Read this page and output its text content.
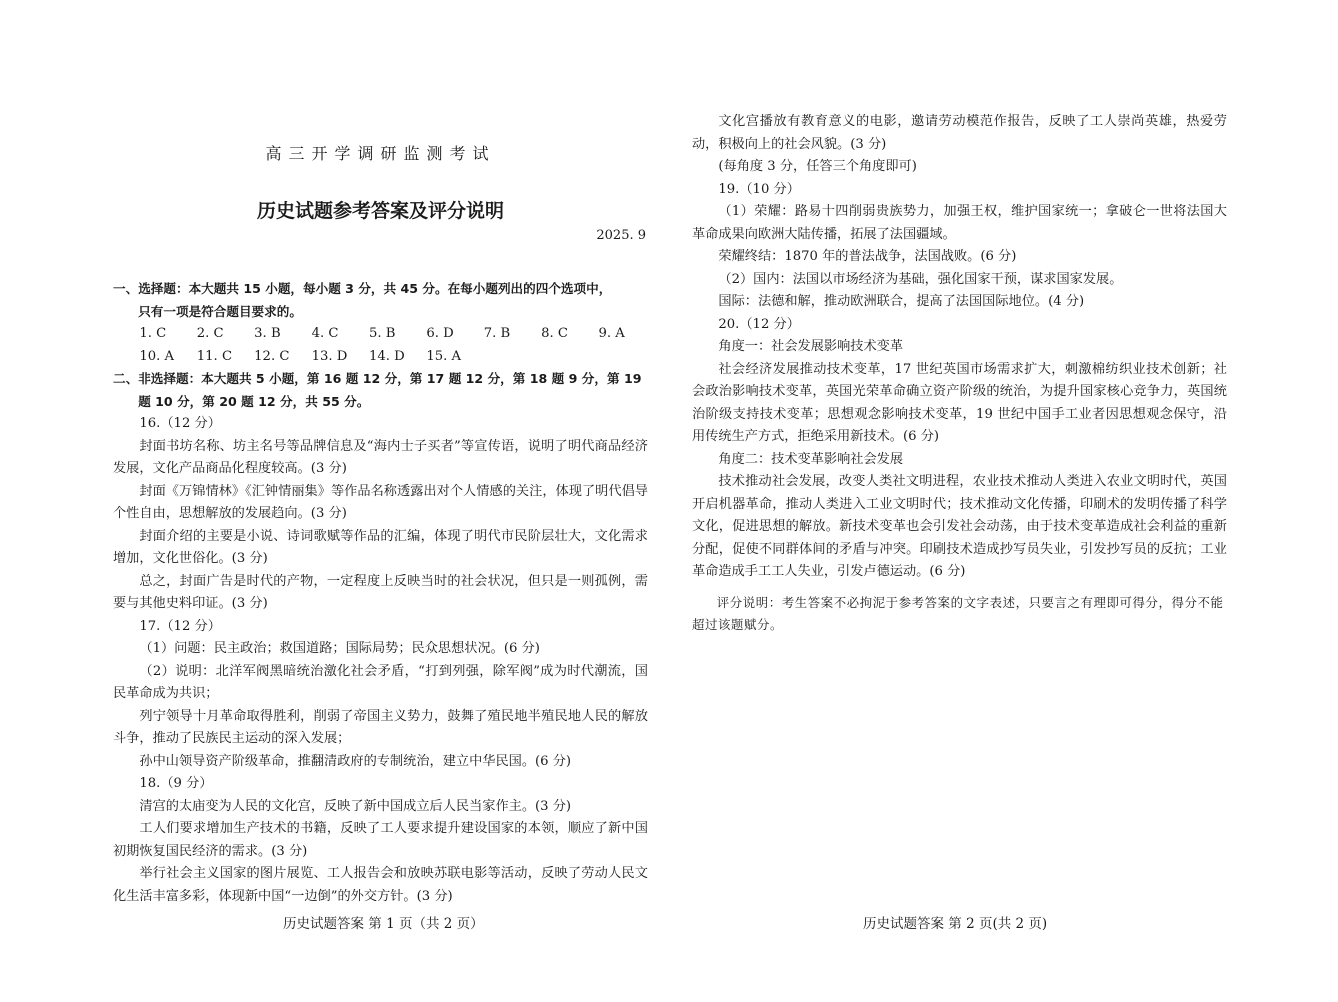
高三开学调研监测考试
历史试题参考答案及评分说明
2025. 9
一、选择题：本大题共 15 小题，每小题 3 分，共 45 分。在每小题列出的四个选项中，
只有一项是符合题目要求的。
1. C 2. C 3. B 4. C 5. B 6. D 7. B 8. C 9. A
10. A 11. C 12. C 13. D 14. D 15. A
二、非选择题：本大题共 5 小题，第 16 题 12 分，第 17 题 12 分，第 18 题 9 分，第 19
题 10 分，第 20 题 12 分，共 55 分。
16.（12 分）
封面书坊名称、坊主名号等品牌信息及“海内士子买者”等宣传语，说明了明代商品经济发展，文化产品商品化程度较高。(3 分)
封面《万锦情林》《汇钟情丽集》等作品名称透露出对个人情感的关注，体现了明代倡导个性自由，思想解放的发展趋向。(3 分)
封面介绍的主要是小说、诗词歌赋等作品的汇编，体现了明代市民阶层壮大，文化需求增加，文化世俗化。(3 分)
总之，封面广告是时代的产物，一定程度上反映当时的社会状况，但只是一则孤例，需要与其他史料印证。(3 分)
17.（12 分）
（1）问题：民主政治；救国道路；国际局势；民众思想状况。(6 分)
（2）说明：北洋军阀黑暗统治激化社会矛盾，“打到列强，除军阀”成为时代潮流，国民革命成为共识；
列宁领导十月革命取得胜利，削弱了帝国主义势力，鼓舞了殖民地半殖民地人民的解放斗争，推动了民族民主运动的深入发展；
孙中山领导资产阶级革命，推翻清政府的专制统治，建立中华民国。(6 分)
18.（9 分）
清宫的太庙变为人民的文化宫，反映了新中国成立后人民当家作主。(3 分)
工人们要求增加生产技术的书籍，反映了工人要求提升建设国家的本领，顺应了新中国初期恢复国民经济的需求。(3 分)
举行社会主义国家的图片展览、工人报告会和放映苏联电影等活动，反映了劳动人民文化生活丰富多彩，体现新中国“一边倒”的外交方针。(3 分)
历史试题答案 第 1 页（共 2 页）
文化宫播放有教育意义的电影，邀请劳动模范作报告，反映了工人崇尚英雄，热爱劳动，积极向上的社会风貌。(3 分)
(每角度 3 分，任答三个角度即可)
19.（10 分）
（1）荣耀：路易十四削弱贵族势力，加强王权，维护国家统一；拿破仑一世将法国大革命成果向欧洲大陆传播，拓展了法国疆域。
荣耀终结：1870 年的普法战争，法国战败。(6 分)
（2）国内：法国以市场经济为基础，强化国家干预，谋求国家发展。
国际：法德和解，推动欧洲联合，提高了法国国际地位。(4 分)
20.（12 分）
角度一：社会发展影响技术变革
社会经济发展推动技术变革，17 世纪英国市场需求扩大，刺激棉纺织业技术创新；社会政治影响技术变革，英国光荣革命确立资产阶级的统治，为提升国家核心竞争力，英国统治阶级支持技术变革；思想观念影响技术变革，19 世纪中国手工业者因思想观念保守，沿用传统生产方式，拒绝采用新技术。(6 分)
角度二：技术变革影响社会发展
技术推动社会发展，改变人类社文明进程，农业技术推动人类进入农业文明时代，英国开启机器革命，推动人类进入工业文明时代；技术推动文化传播，印刷术的发明传播了科学文化，促进思想的解放。新技术变革也会引发社会动荡，由于技术变革造成社会利益的重新分配，促使不同群体间的矛盾与冲突。印刷技术造成抄写员失业，引发抄写员的反抗；工业革命造成手工工人失业，引发卢德运动。(6 分)
评分说明：考生答案不必拘泥于参考答案的文字表述，只要言之有理即可得分，得分不能超过该题赋分。
历史试题答案 第 2 页(共 2 页)
